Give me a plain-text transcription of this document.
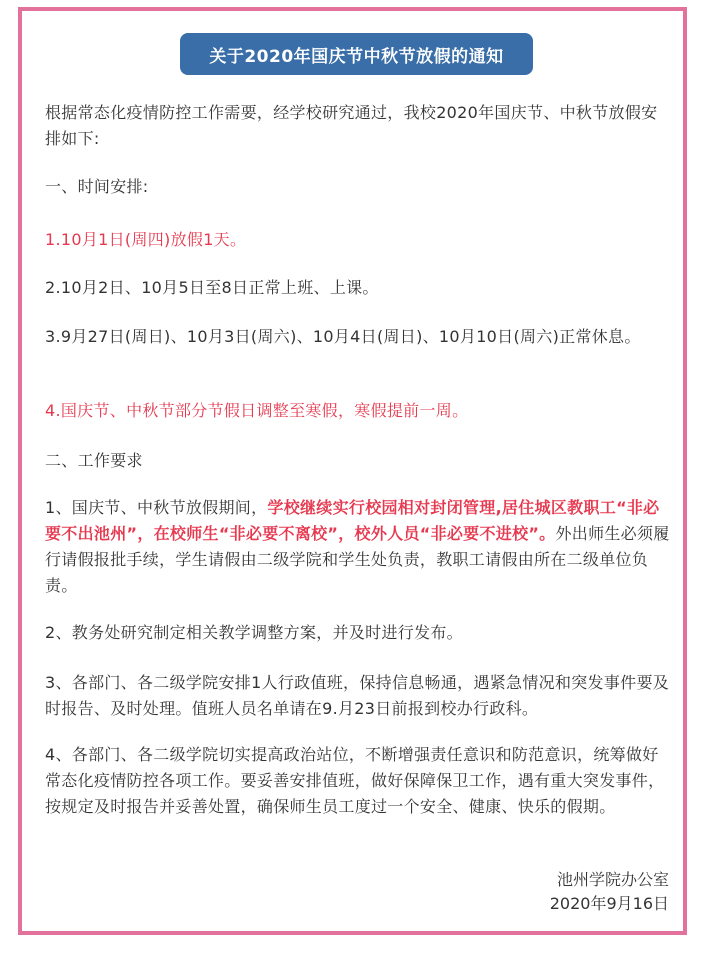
关于2020年国庆节中秋节放假的通知
根据常态化疫情防控工作需要，经学校研究通过，我校2020年国庆节、中秋节放假安排如下:
一、时间安排:
1.10月1日(周四)放假1天。
2.10月2日、10月5日至8日正常上班、上课。
3.9月27日(周日)、10月3日(周六)、10月4日(周日)、10月10日(周六)正常休息。
4.国庆节、中秋节部分节假日调整至寒假，寒假提前一周。
二、工作要求
1、国庆节、中秋节放假期间，学校继续实行校园相对封闭管理,居住城区教职工“非必要不出池州”，在校师生“非必要不离校”，校外人员“非必要不进校”。外出师生必须履行请假报批手续，学生请假由二级学院和学生处负责，教职工请假由所在二级单位负责。
2、教务处研究制定相关教学调整方案，并及时进行发布。
3、各部门、各二级学院安排1人行政值班，保持信息畅通，遇紧急情况和突发事件要及时报告、及时处理。值班人员名单请在9.月23日前报到校办行政科。
4、各部门、各二级学院切实提高政治站位，不断增强责任意识和防范意识，统筹做好常态化疫情防控各项工作。要妥善安排值班，做好保障保卫工作，遇有重大突发事件，按规定及时报告并妥善处置，确保师生员工度过一个安全、健康、快乐的假期。
池州学院办公室
2020年9月16日
